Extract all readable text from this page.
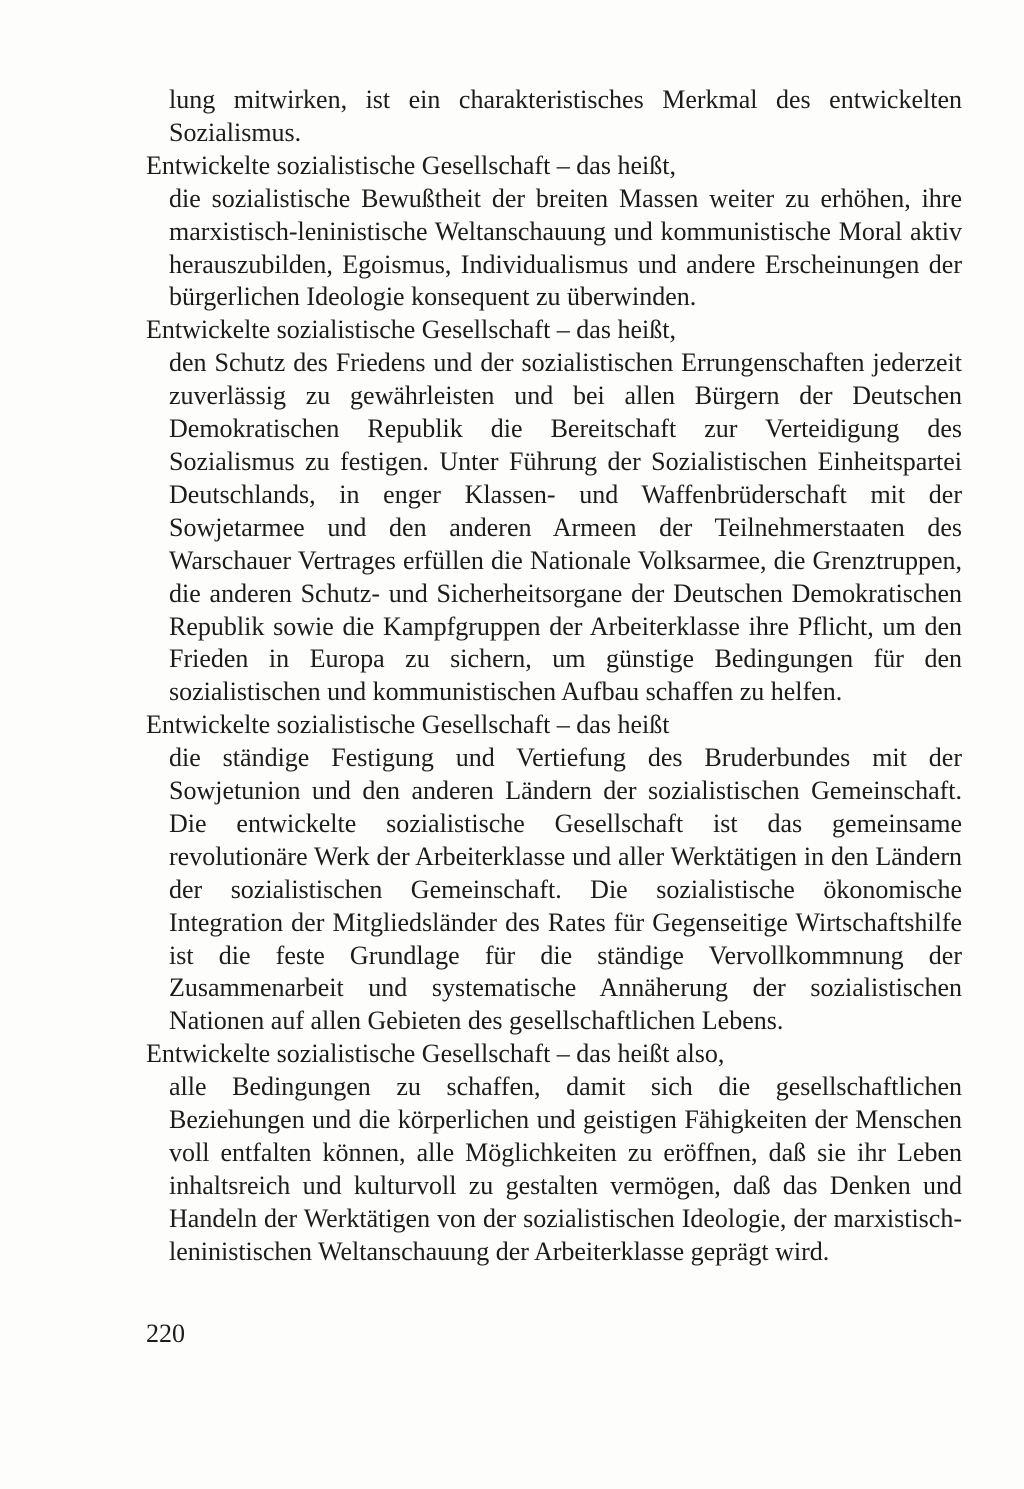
lung mitwirken, ist ein charakteristisches Merkmal des entwickelten Sozialismus.

Entwickelte sozialistische Gesellschaft – das heißt,

die sozialistische Bewußtheit der breiten Massen weiter zu erhöhen, ihre marxistisch-leninistische Weltanschauung und kommunistische Moral aktiv herauszubilden, Egoismus, Individualismus und andere Erscheinungen der bürgerlichen Ideologie konsequent zu überwinden.

Entwickelte sozialistische Gesellschaft – das heißt,

den Schutz des Friedens und der sozialistischen Errungenschaften jederzeit zuverlässig zu gewährleisten und bei allen Bürgern der Deutschen Demokratischen Republik die Bereitschaft zur Verteidigung des Sozialismus zu festigen. Unter Führung der Sozialistischen Einheitspartei Deutschlands, in enger Klassen- und Waffenbrüderschaft mit der Sowjetarmee und den anderen Armeen der Teilnehmerstaaten des Warschauer Vertrages erfüllen die Nationale Volksarmee, die Grenztruppen, die anderen Schutz- und Sicherheitsorgane der Deutschen Demokratischen Republik sowie die Kampfgruppen der Arbeiterklasse ihre Pflicht, um den Frieden in Europa zu sichern, um günstige Bedingungen für den sozialistischen und kommunistischen Aufbau schaffen zu helfen.

Entwickelte sozialistische Gesellschaft – das heißt

die ständige Festigung und Vertiefung des Bruderbundes mit der Sowjetunion und den anderen Ländern der sozialistischen Gemeinschaft. Die entwickelte sozialistische Gesellschaft ist das gemeinsame revolutionäre Werk der Arbeiterklasse und aller Werktätigen in den Ländern der sozialistischen Gemeinschaft. Die sozialistische ökonomische Integration der Mitgliedsländer des Rates für Gegenseitige Wirtschaftshilfe ist die feste Grundlage für die ständige Vervollkommnung der Zusammenarbeit und systematische Annäherung der sozialistischen Nationen auf allen Gebieten des gesellschaftlichen Lebens.

Entwickelte sozialistische Gesellschaft – das heißt also,

alle Bedingungen zu schaffen, damit sich die gesellschaftlichen Beziehungen und die körperlichen und geistigen Fähigkeiten der Menschen voll entfalten können, alle Möglichkeiten zu eröffnen, daß sie ihr Leben inhaltsreich und kulturvoll zu gestalten vermögen, daß das Denken und Handeln der Werktätigen von der sozialistischen Ideologie, der marxistisch-leninistischen Weltanschauung der Arbeiterklasse geprägt wird.

220
